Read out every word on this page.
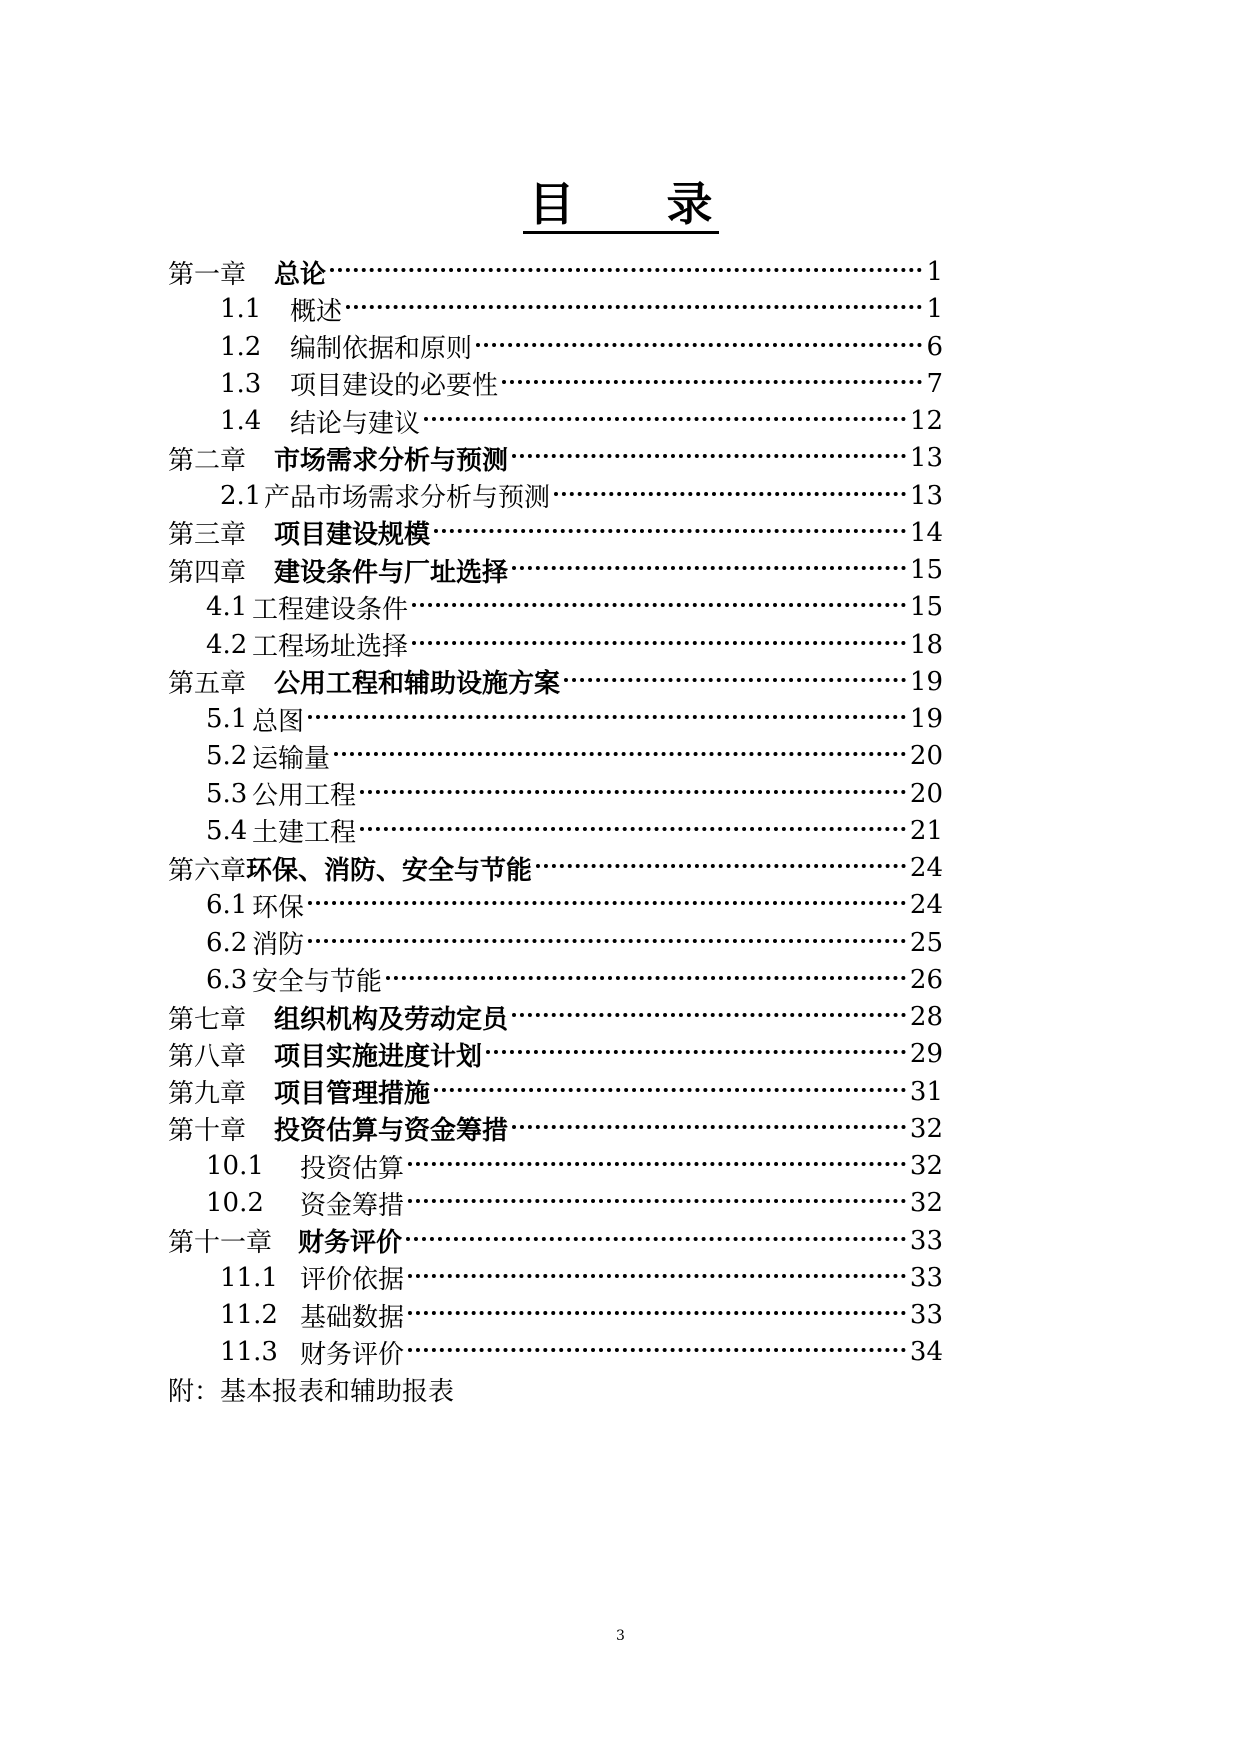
目　　录
第一章	总论	1
1.1	概述	1
1.2	编制依据和原则	6
1.3	项目建设的必要性	7
1.4	结论与建议	12
第二章	市场需求分析与预测	13
2.1 产品市场需求分析与预测	13
第三章	项目建设规模	14
第四章	建设条件与厂址选择	15
4.1 工程建设条件	15
4.2 工程场址选择	18
第五章	公用工程和辅助设施方案	19
5.1 总图	19
5.2 运输量	20
5.3 公用工程	20
5.4 土建工程	21
第六章 环保、消防、安全与节能	24
6.1 环保	24
6.2 消防	25
6.3 安全与节能	26
第七章	组织机构及劳动定员	28
第八章	项目实施进度计划	29
第九章	项目管理措施	31
第十章	投资估算与资金筹措	32
10.1	投资估算	32
10.2	资金筹措	32
第十一章 财务评价	33
11.1 评价依据	33
11.2 基础数据	33
11.3 财务评价	34
附：基本报表和辅助报表
3
